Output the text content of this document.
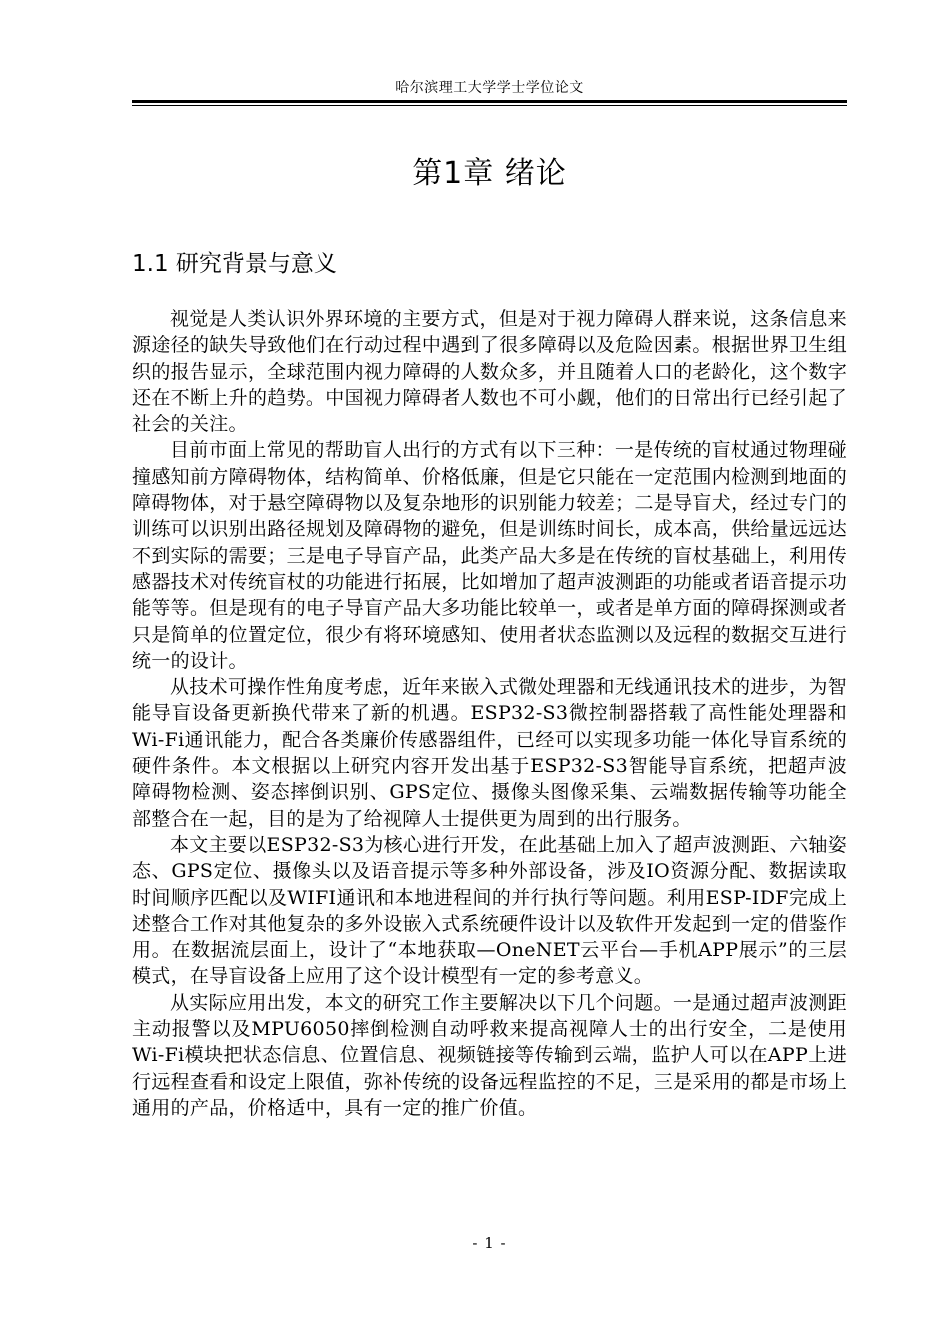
哈尔滨理工大学学士学位论文
第1章 绪论
1.1 研究背景与意义

视觉是人类认识外界环境的主要方式，但是对于视力障碍人群来说，这条信息来源途径的缺失导致他们在行动过程中遇到了很多障碍以及危险因素。根据世界卫生组织的报告显示，全球范围内视力障碍的人数众多，并且随着人口的老龄化，这个数字还在不断上升的趋势。中国视力障碍者人数也不可小觑，他们的日常出行已经引起了社会的关注。

目前市面上常见的帮助盲人出行的方式有以下三种：一是传统的盲杖通过物理碰撞感知前方障碍物体，结构简单、价格低廉，但是它只能在一定范围内检测到地面的障碍物体，对于悬空障碍物以及复杂地形的识别能力较差；二是导盲犬，经过专门的训练可以识别出路径规划及障碍物的避免，但是训练时间长，成本高，供给量远远达不到实际的需要；三是电子导盲产品，此类产品大多是在传统的盲杖基础上，利用传感器技术对传统盲杖的功能进行拓展，比如增加了超声波测距的功能或者语音提示功能等等。但是现有的电子导盲产品大多功能比较单一，或者是单方面的障碍探测或者只是简单的位置定位，很少有将环境感知、使用者状态监测以及远程的数据交互进行统一的设计。

从技术可操作性角度考虑，近年来嵌入式微处理器和无线通讯技术的进步，为智能导盲设备更新换代带来了新的机遇。ESP32-S3微控制器搭载了高性能处理器和Wi-Fi通讯能力，配合各类廉价传感器组件，已经可以实现多功能一体化导盲系统的硬件条件。本文根据以上研究内容开发出基于ESP32-S3智能导盲系统，把超声波障碍物检测、姿态摔倒识别、GPS定位、摄像头图像采集、云端数据传输等功能全部整合在一起，目的是为了给视障人士提供更为周到的出行服务。

本文主要以ESP32-S3为核心进行开发，在此基础上加入了超声波测距、六轴姿态、GPS定位、摄像头以及语音提示等多种外部设备，涉及IO资源分配、数据读取时间顺序匹配以及WIFI通讯和本地进程间的并行执行等问题。利用ESP-IDF完成上述整合工作对其他复杂的多外设嵌入式系统硬件设计以及软件开发起到一定的借鉴作用。在数据流层面上，设计了“本地获取—OneNET云平台—手机APP展示”的三层模式，在导盲设备上应用了这个设计模型有一定的参考意义。

从实际应用出发，本文的研究工作主要解决以下几个问题。一是通过超声波测距主动报警以及MPU6050摔倒检测自动呼救来提高视障人士的出行安全，二是使用Wi-Fi模块把状态信息、位置信息、视频链接等传输到云端，监护人可以在APP上进行远程查看和设定上限值，弥补传统的设备远程监控的不足，三是采用的都是市场上通用的产品，价格适中，具有一定的推广价值。

- 1 -
